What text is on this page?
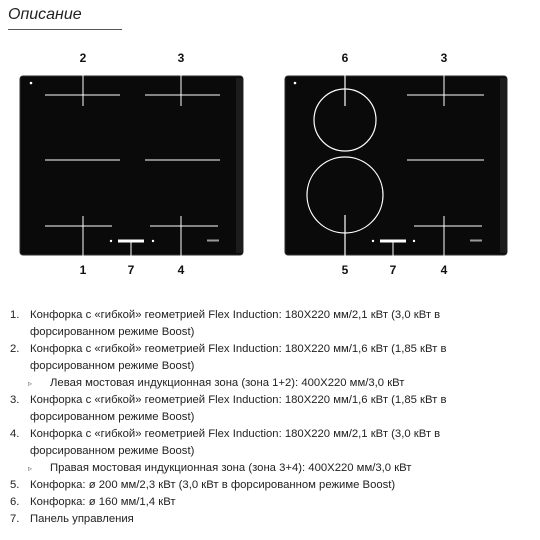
Описание
2	3
1	7	4
6	3
5	7	4
1. Конфорка с «гибкой» геометрией Flex Induction: 180X220 мм/2,1 кВт (3,0 кВт в
форсированном режиме Boost)
2. Конфорка с «гибкой» геометрией Flex Induction: 180X220 мм/1,6 кВт (1,85 кВт в
форсированном режиме Boost)
▹	Левая мостовая индукционная зона (зона 1+2): 400X220 мм/3,0 кВт
3. Конфорка с «гибкой» геометрией Flex Induction: 180X220 мм/1,6 кВт (1,85 кВт в
форсированном режиме Boost)
4. Конфорка с «гибкой» геометрией Flex Induction: 180X220 мм/2,1 кВт (3,0 кВт в
форсированном режиме Boost)
▹	Правая мостовая индукционная зона (зона 3+4): 400X220 мм/3,0 кВт
5. Конфорка: ø 200 мм/2,3 кВт (3,0 кВт в форсированном режиме Boost)
6. Конфорка: ø 160 мм/1,4 кВт
7. Панель управления
